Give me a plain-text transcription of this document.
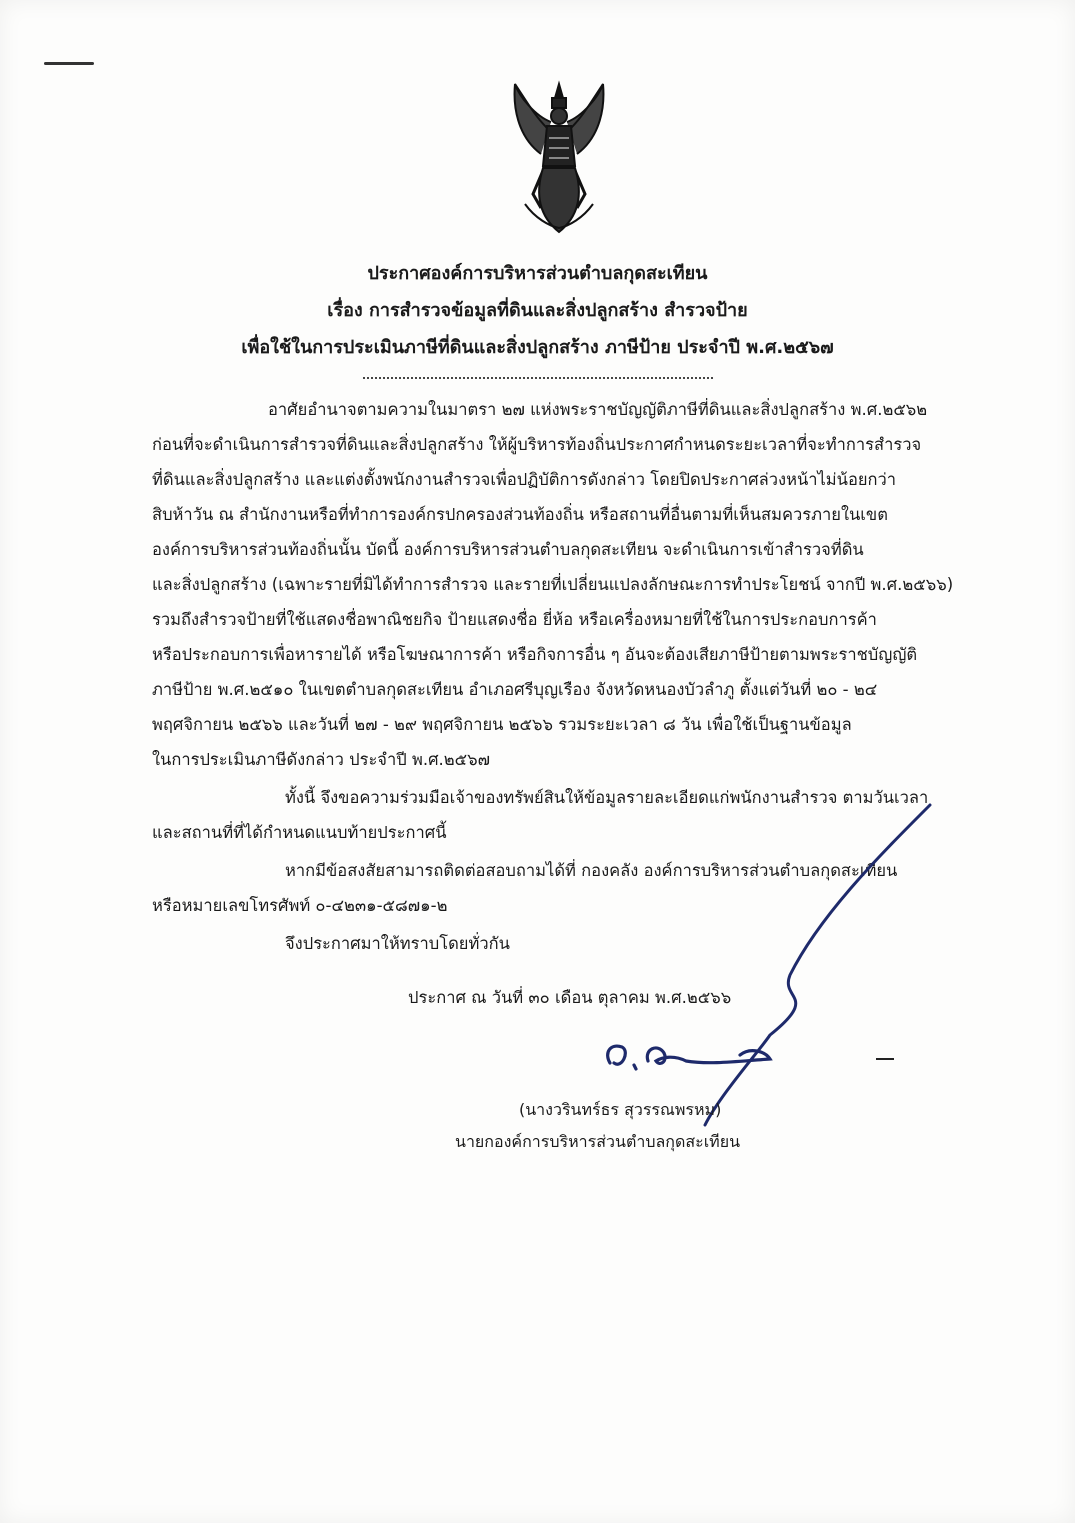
ประกาศองค์การบริหารส่วนตำบลกุดสะเทียน
เรื่อง การสำรวจข้อมูลที่ดินและสิ่งปลูกสร้าง สำรวจป้าย
เพื่อใช้ในการประเมินภาษีที่ดินและสิ่งปลูกสร้าง ภาษีป้าย ประจำปี พ.ศ.๒๕๖๗
อาศัยอำนาจตามความในมาตรา ๒๗ แห่งพระราชบัญญัติภาษีที่ดินและสิ่งปลูกสร้าง พ.ศ.๒๕๖๒
ก่อนที่จะดำเนินการสำรวจที่ดินและสิ่งปลูกสร้าง ให้ผู้บริหารท้องถิ่นประกาศกำหนดระยะเวลาที่จะทำการสำรวจ
ที่ดินและสิ่งปลูกสร้าง และแต่งตั้งพนักงานสำรวจเพื่อปฏิบัติการดังกล่าว โดยปิดประกาศล่วงหน้าไม่น้อยกว่า
สิบห้าวัน ณ สำนักงานหรือที่ทำการองค์กรปกครองส่วนท้องถิ่น หรือสถานที่อื่นตามที่เห็นสมควรภายในเขต
องค์การบริหารส่วนท้องถิ่นนั้น บัดนี้ องค์การบริหารส่วนตำบลกุดสะเทียน จะดำเนินการเข้าสำรวจที่ดิน
และสิ่งปลูกสร้าง (เฉพาะรายที่มิได้ทำการสำรวจ และรายที่เปลี่ยนแปลงลักษณะการทำประโยชน์ จากปี พ.ศ.๒๕๖๖)
รวมถึงสำรวจป้ายที่ใช้แสดงชื่อพาณิชยกิจ ป้ายแสดงชื่อ ยี่ห้อ หรือเครื่องหมายที่ใช้ในการประกอบการค้า
หรือประกอบการเพื่อหารายได้ หรือโฆษณาการค้า หรือกิจการอื่น ๆ อันจะต้องเสียภาษีป้ายตามพระราชบัญญัติ
ภาษีป้าย พ.ศ.๒๕๑๐ ในเขตตำบลกุดสะเทียน อำเภอศรีบุญเรือง จังหวัดหนองบัวลำภู ตั้งแต่วันที่ ๒๐ - ๒๔
พฤศจิกายน ๒๕๖๖ และวันที่ ๒๗ - ๒๙ พฤศจิกายน ๒๕๖๖ รวมระยะเวลา ๘ วัน เพื่อใช้เป็นฐานข้อมูล
ในการประเมินภาษีดังกล่าว ประจำปี พ.ศ.๒๕๖๗
ทั้งนี้ จึงขอความร่วมมือเจ้าของทรัพย์สินให้ข้อมูลรายละเอียดแก่พนักงานสำรวจ ตามวันเวลา
และสถานที่ที่ได้กำหนดแนบท้ายประกาศนี้
หากมีข้อสงสัยสามารถติดต่อสอบถามได้ที่ กองคลัง องค์การบริหารส่วนตำบลกุดสะเทียน
หรือหมายเลขโทรศัพท์ ๐-๔๒๓๑-๕๘๗๑-๒
จึงประกาศมาให้ทราบโดยทั่วกัน
ประกาศ ณ วันที่ ๓๐ เดือน ตุลาคม พ.ศ.๒๕๖๖
(นางวรินทร์ธร สุวรรณพรหม)
นายกองค์การบริหารส่วนตำบลกุดสะเทียน
